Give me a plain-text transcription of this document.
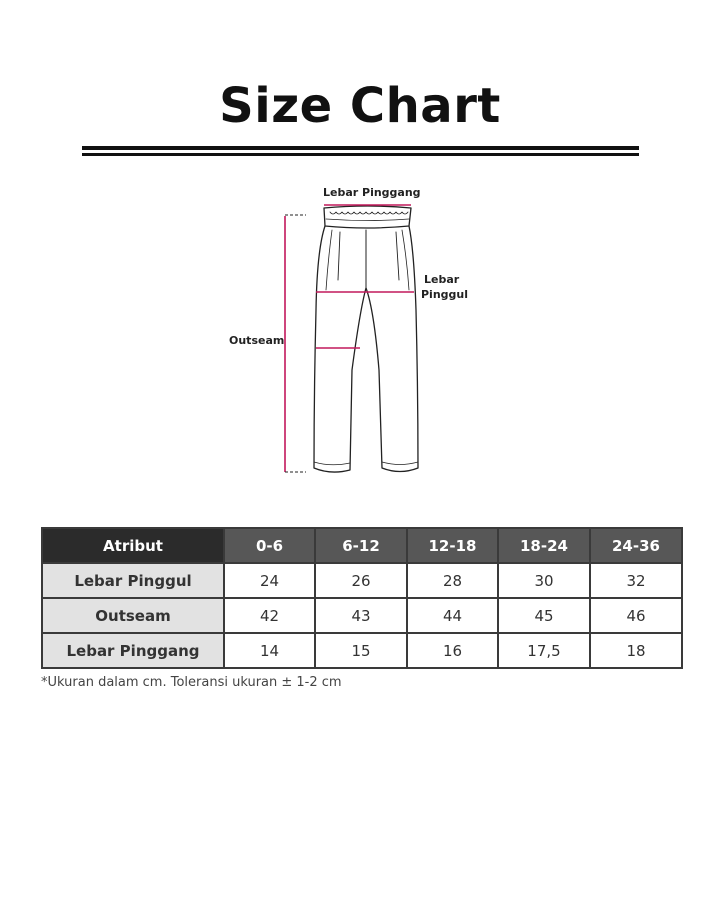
Size Chart
Lebar Pinggang
Lebar
Pinggul
Outseam
Atribut	0-6	6-12	12-18	18-24	24-36
Lebar Pinggul	24	26	28	30	32
Outseam	42	43	44	45	46
Lebar Pinggang	14	15	16	17,5	18
*Ukuran dalam cm. Toleransi ukuran ± 1-2 cm
